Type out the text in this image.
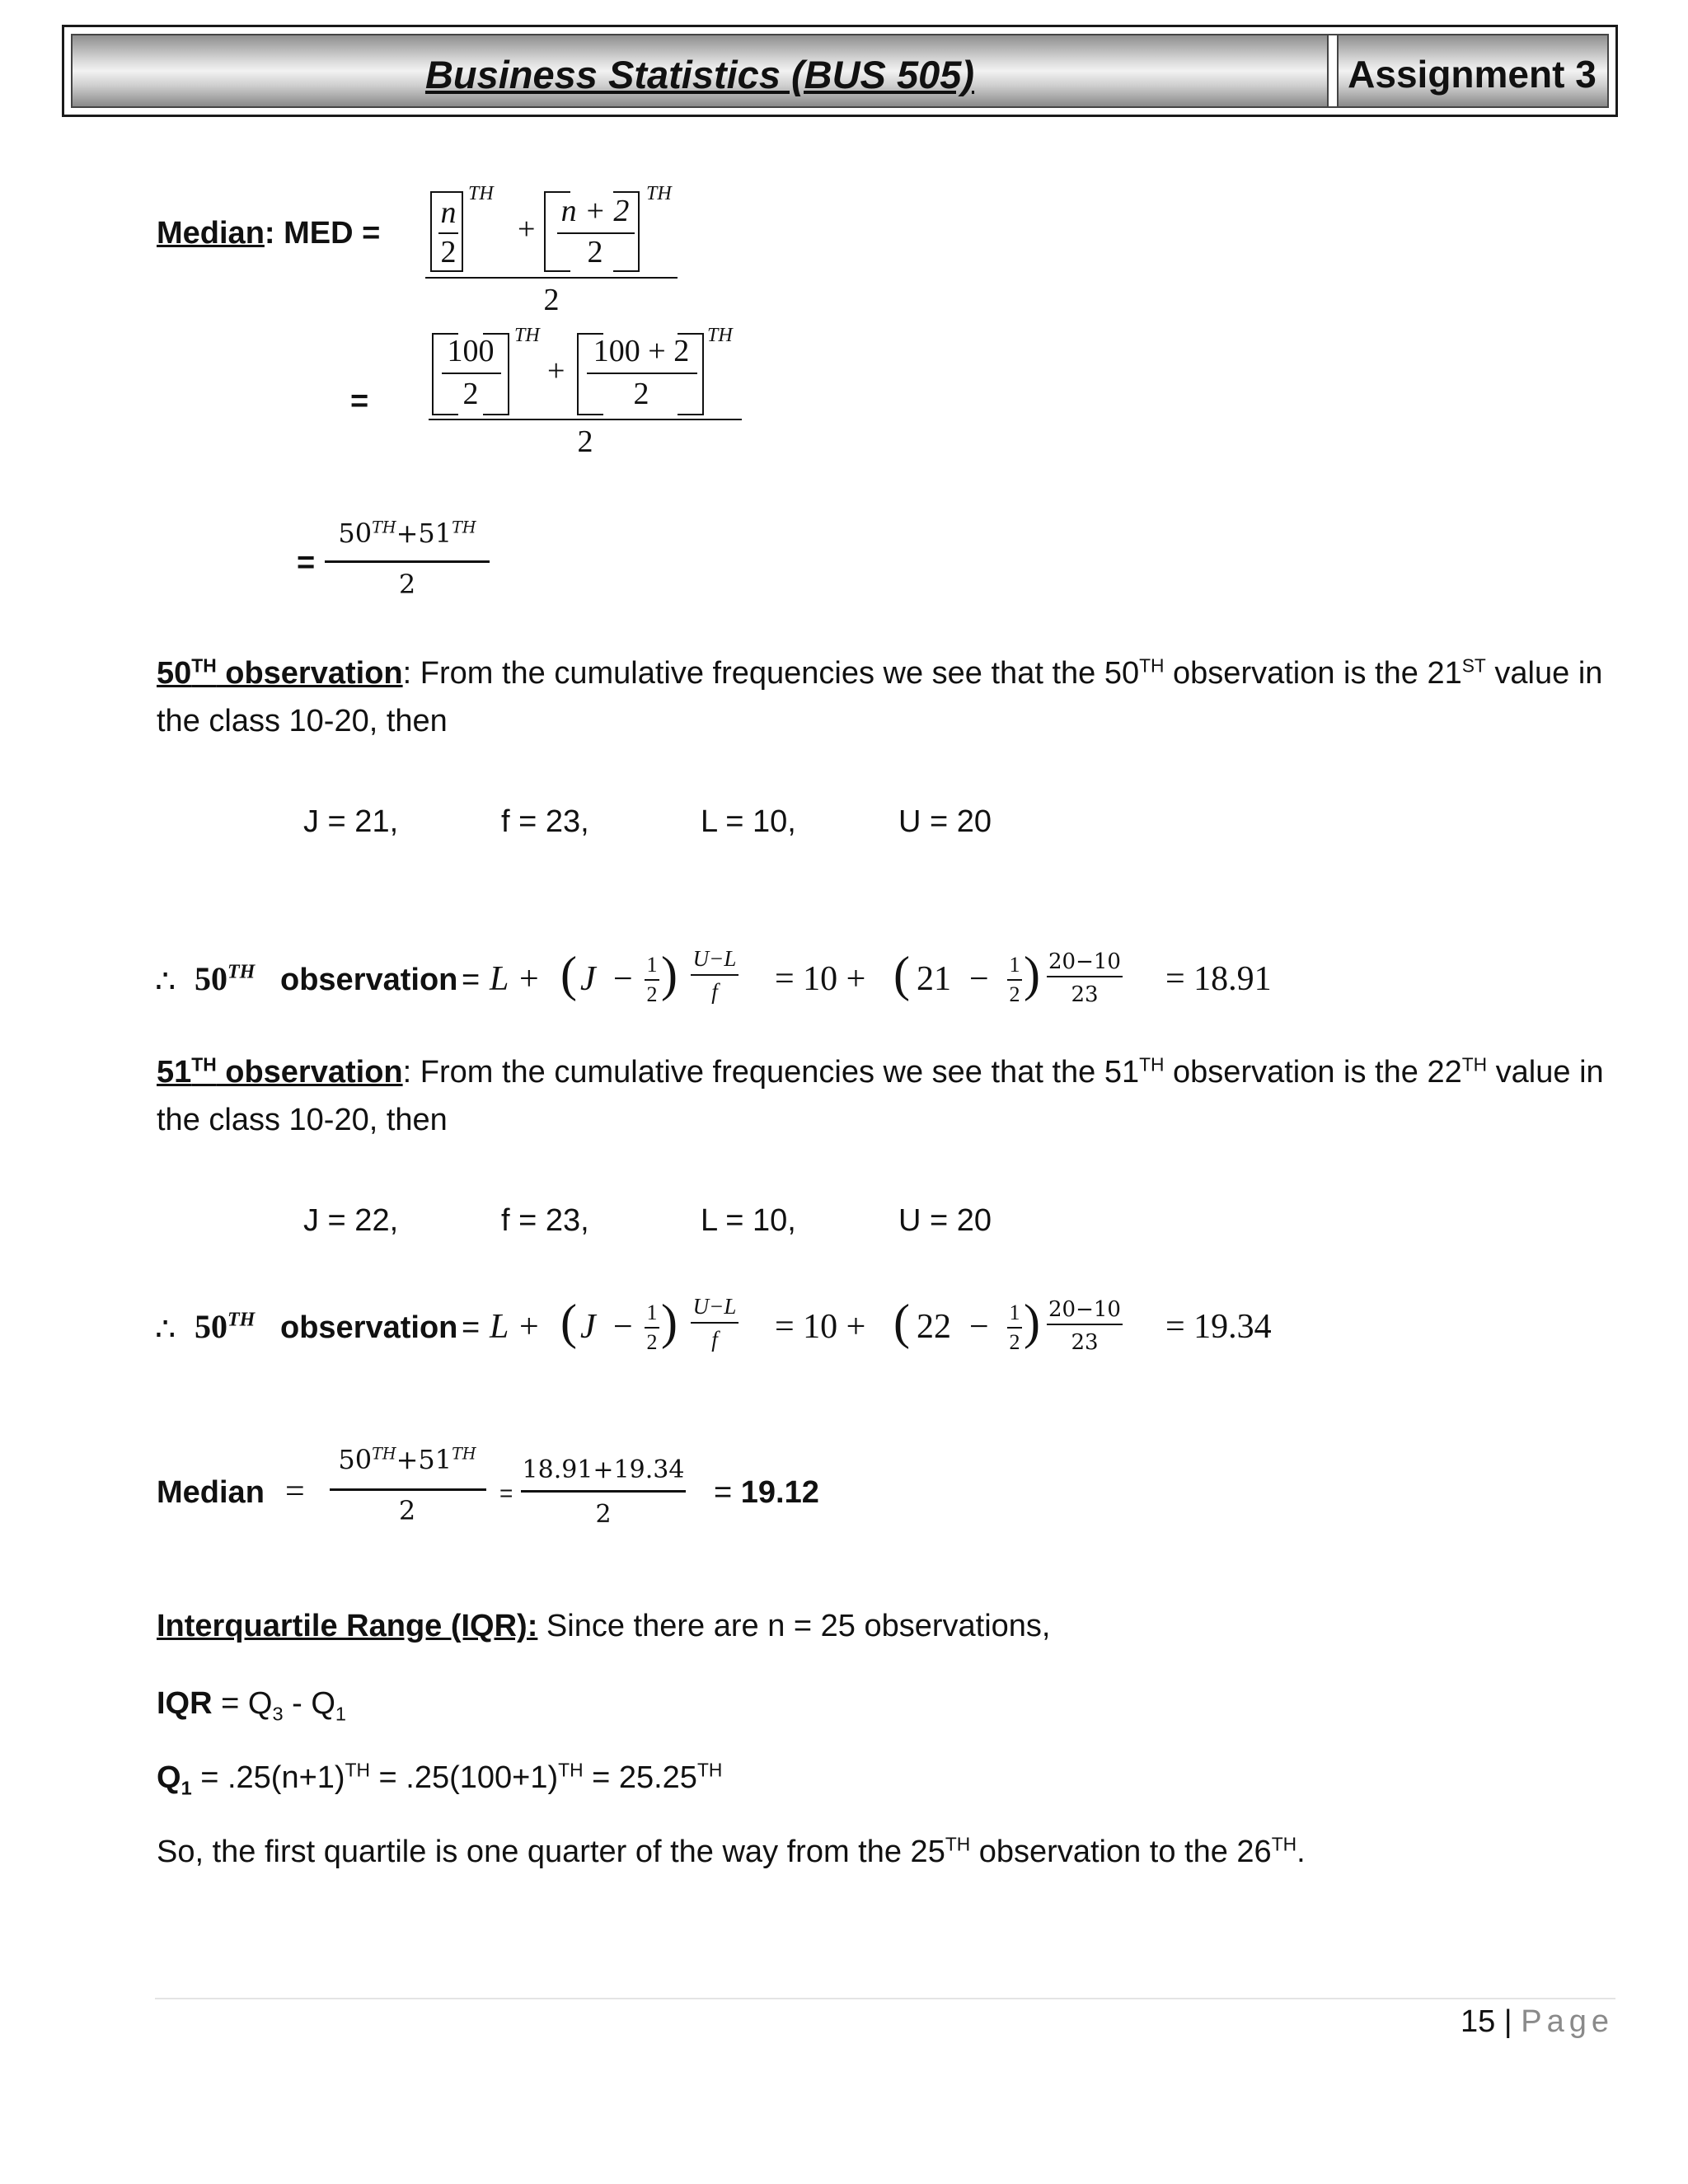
Business Statistics (BUS 505)	Assignment 3
Median: MED =
n
2
TH
+
n + 2
2
TH
2
=
100
2
TH
+
100 + 2
2
TH
2
=
50TH+51TH
2
50TH observation: From the cumulative frequencies we see that the 50TH observation is the 21ST value in
the class 10-20, then
J = 21,	f = 23,	L = 10,	U = 20
∴ 50TH observation = L + ( J − 1
2 ) U−L
f	= 10 + ( 21 − 1
2 ) 20−10
23	= 18.91
51TH observation: From the cumulative frequencies we see that the 51TH observation is the 22TH value in
the class 10-20, then
J = 22,	f = 23,	L = 10,	U = 20
∴ 50TH observation = L + ( J − 1
2 ) U−L
f	= 10 + ( 22 − 1
2 ) 20−10
23	= 19.34
Median =
50TH+51TH
2
=
18.91+19.34
2
= 19.12
Interquartile Range (IQR): Since there are n = 25 observations,
IQR = $Q_3 - Q_1$
$Q_1 = .25(n+1)^{TH} = .25(100+1)^{TH} = 25.25TH$
So, the first quartile is one quarter of the way from the 25TH observation to the 26TH.
15 | Page
